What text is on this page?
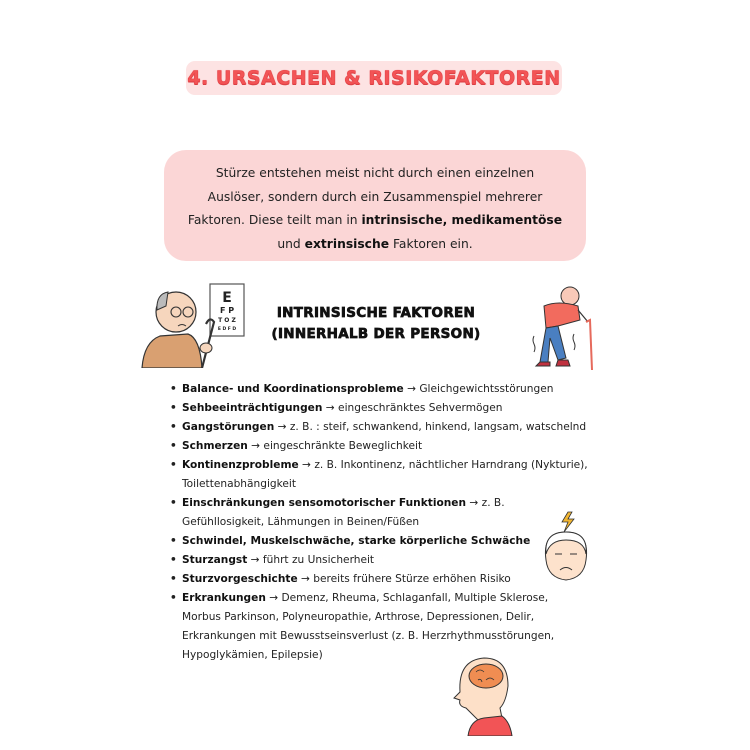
4. URSACHEN & RISIKOFAKTOREN
Stürze entstehen meist nicht durch einen einzelnen
Auslöser, sondern durch ein Zusammenspiel mehrerer
Faktoren. Diese teilt man in intrinsische, medikamentöse
und extrinsische Faktoren ein.
E
F P
T O Z
E D F D
INTRINSISCHE FAKTOREN
(INNERHALB DER PERSON)
• Balance- und Koordinationsprobleme → Gleichgewichtsstörungen
• Sehbeeinträchtigungen → eingeschränktes Sehvermögen
• Gangstörungen → z. B. : steif, schwankend, hinkend, langsam, watschelnd
• Schmerzen → eingeschränkte Beweglichkeit
• Kontinenzprobleme → z. B. Inkontinenz, nächtlicher Harndrang (Nykturie), Toilettenabhängigkeit
• Einschränkungen sensomotorischer Funktionen → z. B. Gefühllosigkeit, Lähmungen in Beinen/Füßen
• Schwindel, Muskelschwäche, starke körperliche Schwäche
• Sturzangst → führt zu Unsicherheit
• Sturzvorgeschichte → bereits frühere Stürze erhöhen Risiko
• Erkrankungen → Demenz, Rheuma, Schlaganfall, Multiple Sklerose, Morbus Parkinson, Polyneuropathie, Arthrose, Depressionen, Delir, Erkrankungen mit Bewusstseinsverlust (z. B. Herzrhythmusstörungen, Hypoglykämien, Epilepsie)
